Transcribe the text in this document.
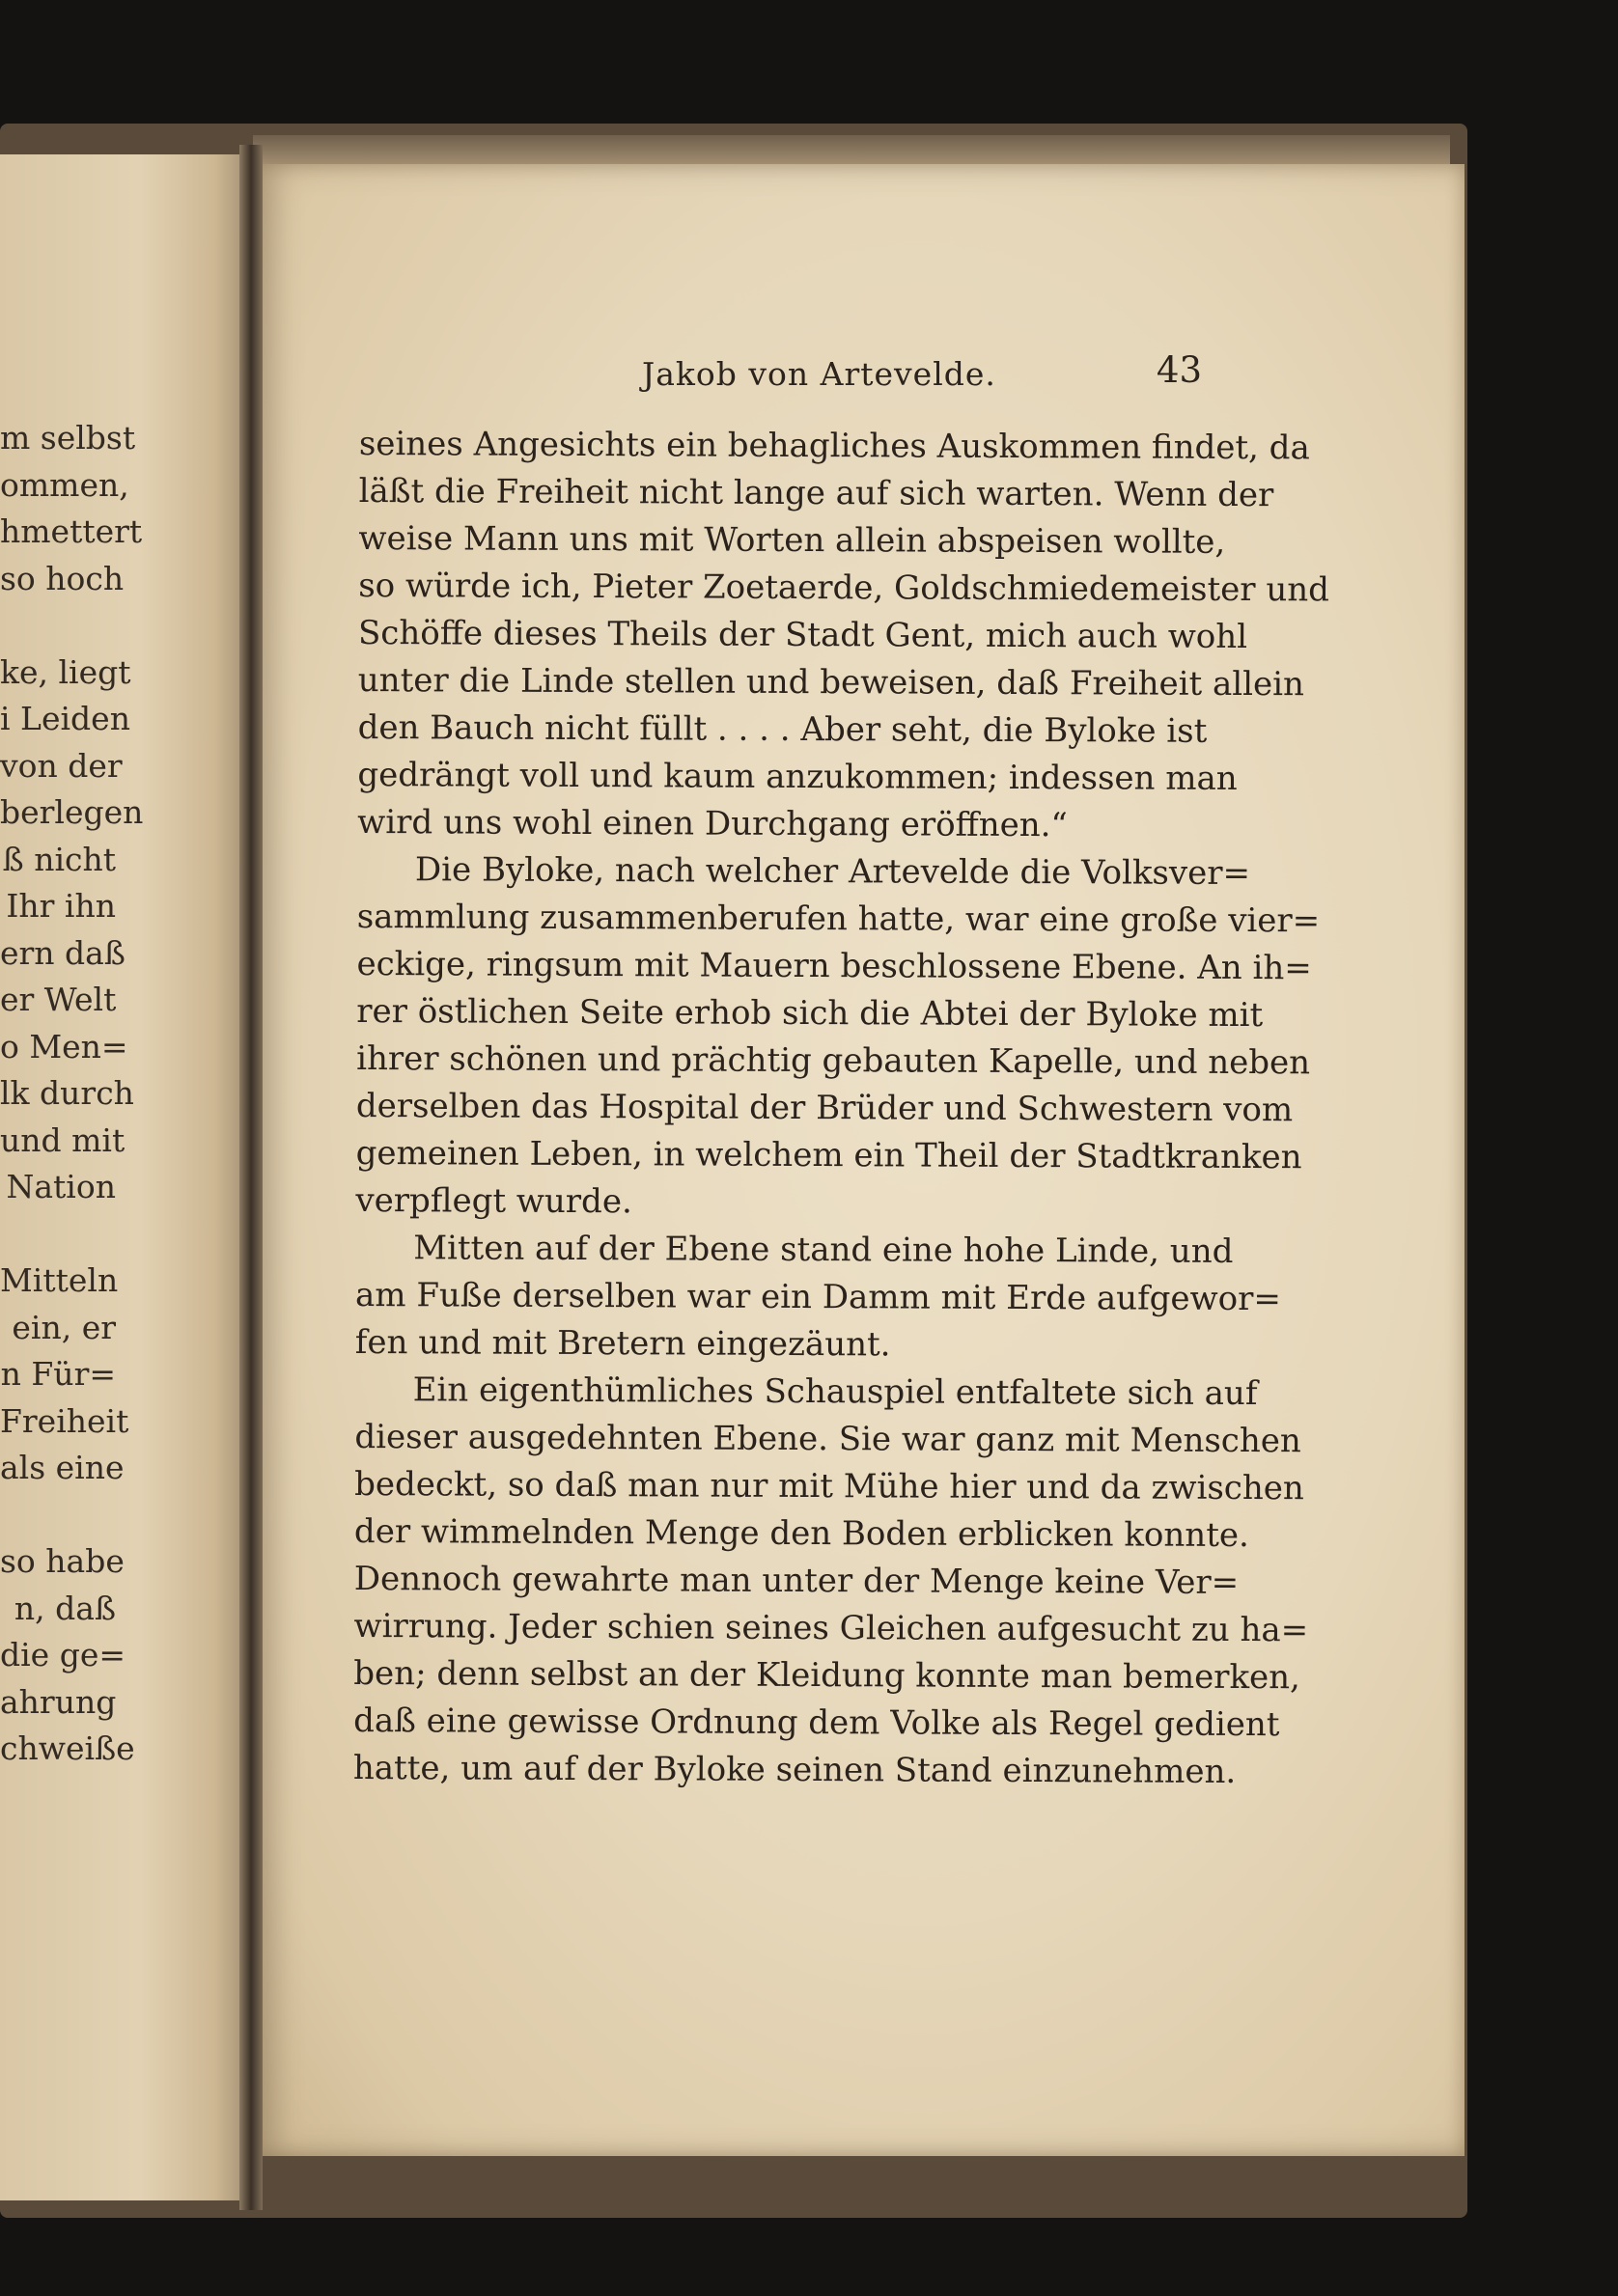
m selbst
ommen,
hmettert
so hoch
ke, liegt
i Leiden
von der
berlegen
ß nicht
Ihr ihn
ern daß
er Welt
o Men=
lk durch
und mit
Nation
Mitteln
ein, er
n Für=
Freiheit
als eine
so habe
n, daß
die ge=
ahrung
chweiße
Jakob von Artevelde.	43

seines Angesichts ein behagliches Auskommen findet, da
läßt die Freiheit nicht lange auf sich warten. Wenn der
weise Mann uns mit Worten allein abspeisen wollte,
so würde ich, Pieter Zoetaerde, Goldschmiedemeister und
Schöffe dieses Theils der Stadt Gent, mich auch wohl
unter die Linde stellen und beweisen, daß Freiheit allein
den Bauch nicht füllt . . . . Aber seht, die Byloke ist
gedrängt voll und kaum anzukommen; indessen man
wird uns wohl einen Durchgang eröffnen.“

Die Byloke, nach welcher Artevelde die Volksver=
sammlung zusammenberufen hatte, war eine große vier=
eckige, ringsum mit Mauern beschlossene Ebene. An ih=
rer östlichen Seite erhob sich die Abtei der Byloke mit
ihrer schönen und prächtig gebauten Kapelle, und neben
derselben das Hospital der Brüder und Schwestern vom
gemeinen Leben, in welchem ein Theil der Stadtkranken
verpflegt wurde.

Mitten auf der Ebene stand eine hohe Linde, und
am Fuße derselben war ein Damm mit Erde aufgewor=
fen und mit Bretern eingezäunt.

Ein eigenthümliches Schauspiel entfaltete sich auf
dieser ausgedehnten Ebene. Sie war ganz mit Menschen
bedeckt, so daß man nur mit Mühe hier und da zwischen
der wimmelnden Menge den Boden erblicken konnte.
Dennoch gewahrte man unter der Menge keine Ver=
wirrung. Jeder schien seines Gleichen aufgesucht zu ha=
ben; denn selbst an der Kleidung konnte man bemerken,
daß eine gewisse Ordnung dem Volke als Regel gedient
hatte, um auf der Byloke seinen Stand einzunehmen.
